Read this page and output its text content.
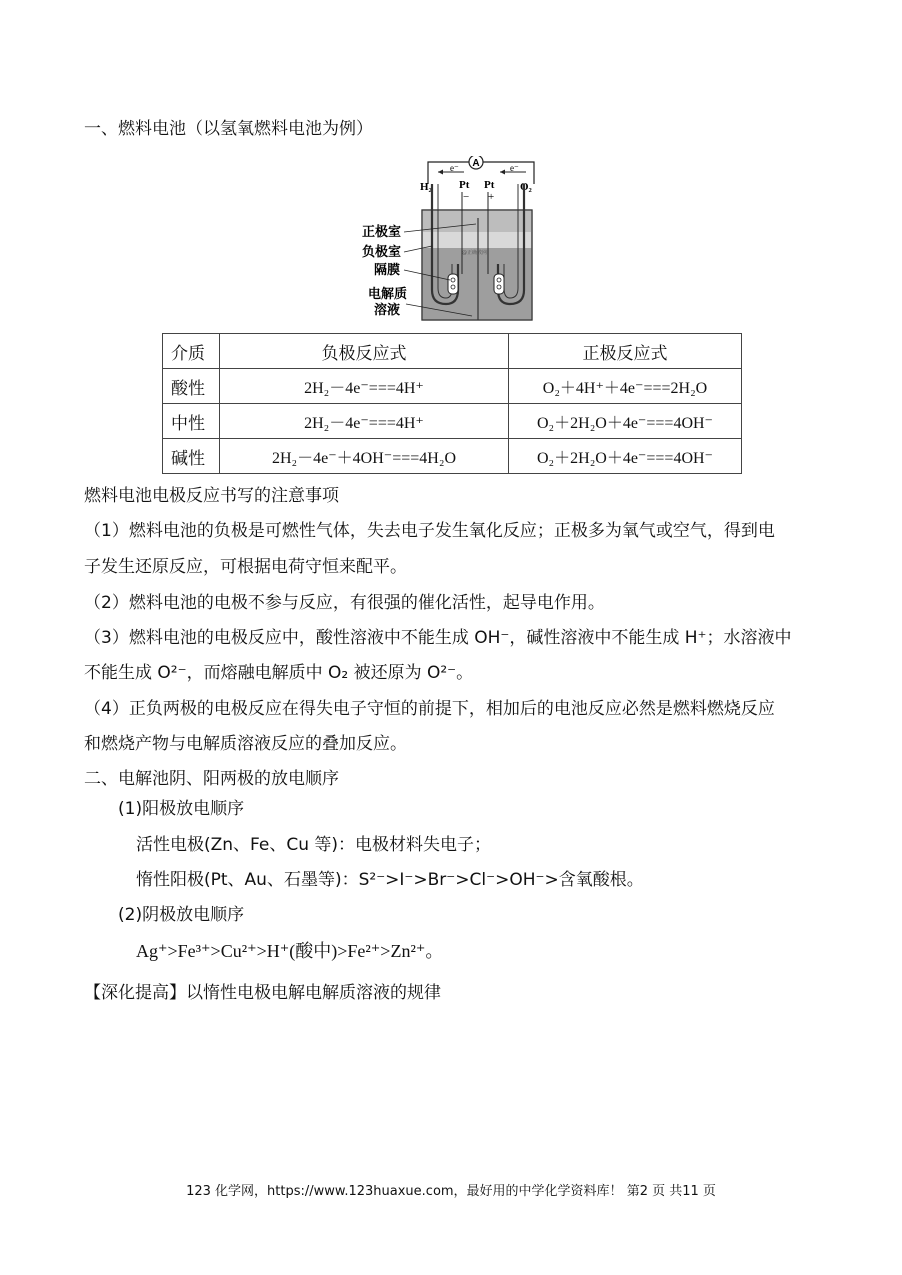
一、燃料电池（以氢氧燃料电池为例）
A
e⁻	e⁻
H₂	O₂
Pt Pt
− +
正极室
负极室
隔膜
电解质
溶液
@正确教网
介质	负极反应式	正极反应式
酸性	2H₂－4e⁻===4H⁺	O₂＋4H⁺＋4e⁻===2H₂O
中性	2H₂－4e⁻===4H⁺	O₂＋2H₂O＋4e⁻===4OH⁻
碱性	2H₂－4e⁻＋4OH⁻===4H₂O	O₂＋2H₂O＋4e⁻===4OH⁻
燃料电池电极反应书写的注意事项
（1）燃料电池的负极是可燃性气体，失去电子发生氧化反应；正极多为氧气或空气，得到电
子发生还原反应，可根据电荷守恒来配平。
（2）燃料电池的电极不参与反应，有很强的催化活性，起导电作用。
（3）燃料电池的电极反应中，酸性溶液中不能生成 OH⁻，碱性溶液中不能生成 H⁺；水溶液中
不能生成 O²⁻，而熔融电解质中 O₂ 被还原为 O²⁻。
（4）正负两极的电极反应在得失电子守恒的前提下，相加后的电池反应必然是燃料燃烧反应
和燃烧产物与电解质溶液反应的叠加反应。
二、电解池阴、阳两极的放电顺序
(1)阳极放电顺序
活性电极(Zn、Fe、Cu 等)：电极材料失电子；
惰性阳极(Pt、Au、石墨等)：S²⁻>I⁻>Br⁻>Cl⁻>OH⁻>含氧酸根。
(2)阴极放电顺序
Ag⁺>Fe³⁺>Cu²⁺>H⁺(酸中)>Fe²⁺>Zn²⁺。
【深化提高】以惰性电极电解电解质溶液的规律
123 化学网，https://www.123huaxue.com，最好用的中学化学资料库！ 第2 页 共11 页
